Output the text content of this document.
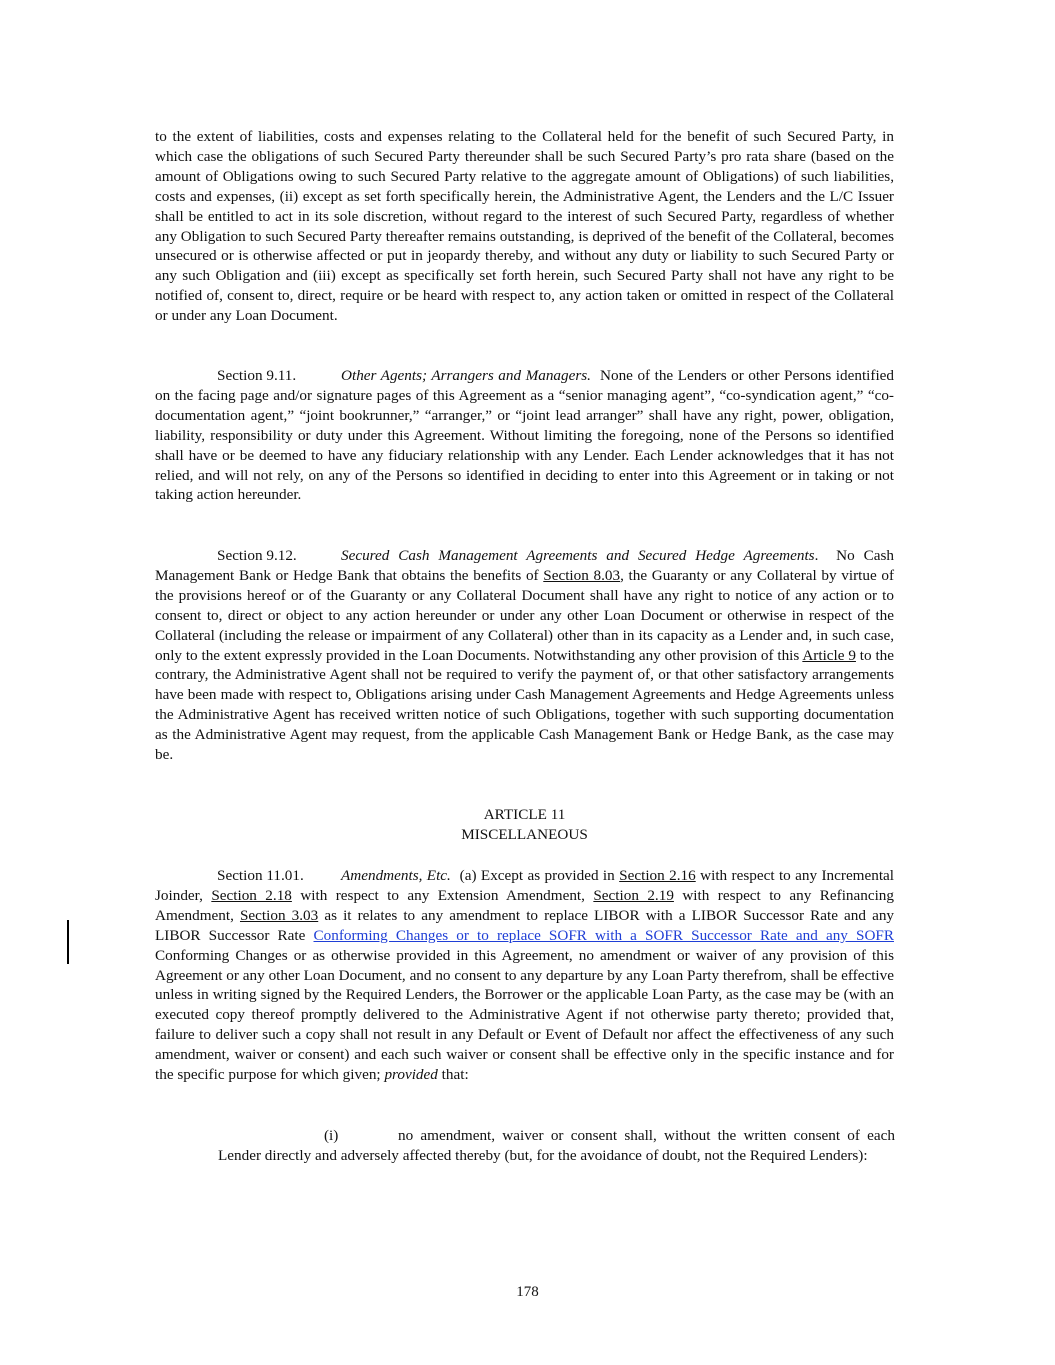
to the extent of liabilities, costs and expenses relating to the Collateral held for the benefit of such Secured Party, in which case the obligations of such Secured Party thereunder shall be such Secured Party’s pro rata share (based on the amount of Obligations owing to such Secured Party relative to the aggregate amount of Obligations) of such liabilities, costs and expenses, (ii) except as set forth specifically herein, the Administrative Agent, the Lenders and the L/C Issuer shall be entitled to act in its sole discretion, without regard to the interest of such Secured Party, regardless of whether any Obligation to such Secured Party thereafter remains outstanding, is deprived of the benefit of the Collateral, becomes unsecured or is otherwise affected or put in jeopardy thereby, and without any duty or liability to such Secured Party or any such Obligation and (iii) except as specifically set forth herein, such Secured Party shall not have any right to be notified of, consent to, direct, require or be heard with respect to, any action taken or omitted in respect of the Collateral or under any Loan Document.

Section 9.11.	Other Agents; Arrangers and Managers. None of the Lenders or other Persons identified on the facing page and/or signature pages of this Agreement as a “senior managing agent”, “co-syndication agent,” “co-documentation agent,” “joint bookrunner,” “arranger,” or “joint lead arranger” shall have any right, power, obligation, liability, responsibility or duty under this Agreement. Without limiting the foregoing, none of the Persons so identified shall have or be deemed to have any fiduciary relationship with any Lender. Each Lender acknowledges that it has not relied, and will not rely, on any of the Persons so identified in deciding to enter into this Agreement or in taking or not taking action hereunder.

Section 9.12.	Secured Cash Management Agreements and Secured Hedge Agreements. No Cash Management Bank or Hedge Bank that obtains the benefits of Section 8.03, the Guaranty or any Collateral by virtue of the provisions hereof or of the Guaranty or any Collateral Document shall have any right to notice of any action or to consent to, direct or object to any action hereunder or under any other Loan Document or otherwise in respect of the Collateral (including the release or impairment of any Collateral) other than in its capacity as a Lender and, in such case, only to the extent expressly provided in the Loan Documents. Notwithstanding any other provision of this Article 9 to the contrary, the Administrative Agent shall not be required to verify the payment of, or that other satisfactory arrangements have been made with respect to, Obligations arising under Cash Management Agreements and Hedge Agreements unless the Administrative Agent has received written notice of such Obligations, together with such supporting documentation as the Administrative Agent may request, from the applicable Cash Management Bank or Hedge Bank, as the case may be.

ARTICLE 11

MISCELLANEOUS

Section 11.01. Amendments, Etc. (a) Except as provided in Section 2.16 with respect to any Incremental Joinder, Section 2.18 with respect to any Extension Amendment, Section 2.19 with respect to any Refinancing Amendment, Section 3.03 as it relates to any amendment to replace LIBOR with a LIBOR Successor Rate and any LIBOR Successor Rate Conforming Changes or to replace SOFR with a SOFR Successor Rate and any SOFR Conforming Changes or as otherwise provided in this Agreement, no amendment or waiver of any provision of this Agreement or any other Loan Document, and no consent to any departure by any Loan Party therefrom, shall be effective unless in writing signed by the Required Lenders, the Borrower or the applicable Loan Party, as the case may be (with an executed copy thereof promptly delivered to the Administrative Agent if not otherwise party thereto; provided that, failure to deliver such a copy shall not result in any Default or Event of Default nor affect the effectiveness of any such amendment, waiver or consent) and each such waiver or consent shall be effective only in the specific instance and for the specific purpose for which given; provided that:

(i)	no amendment, waiver or consent shall, without the written consent of each Lender directly and adversely affected thereby (but, for the avoidance of doubt, not the Required Lenders):

178
